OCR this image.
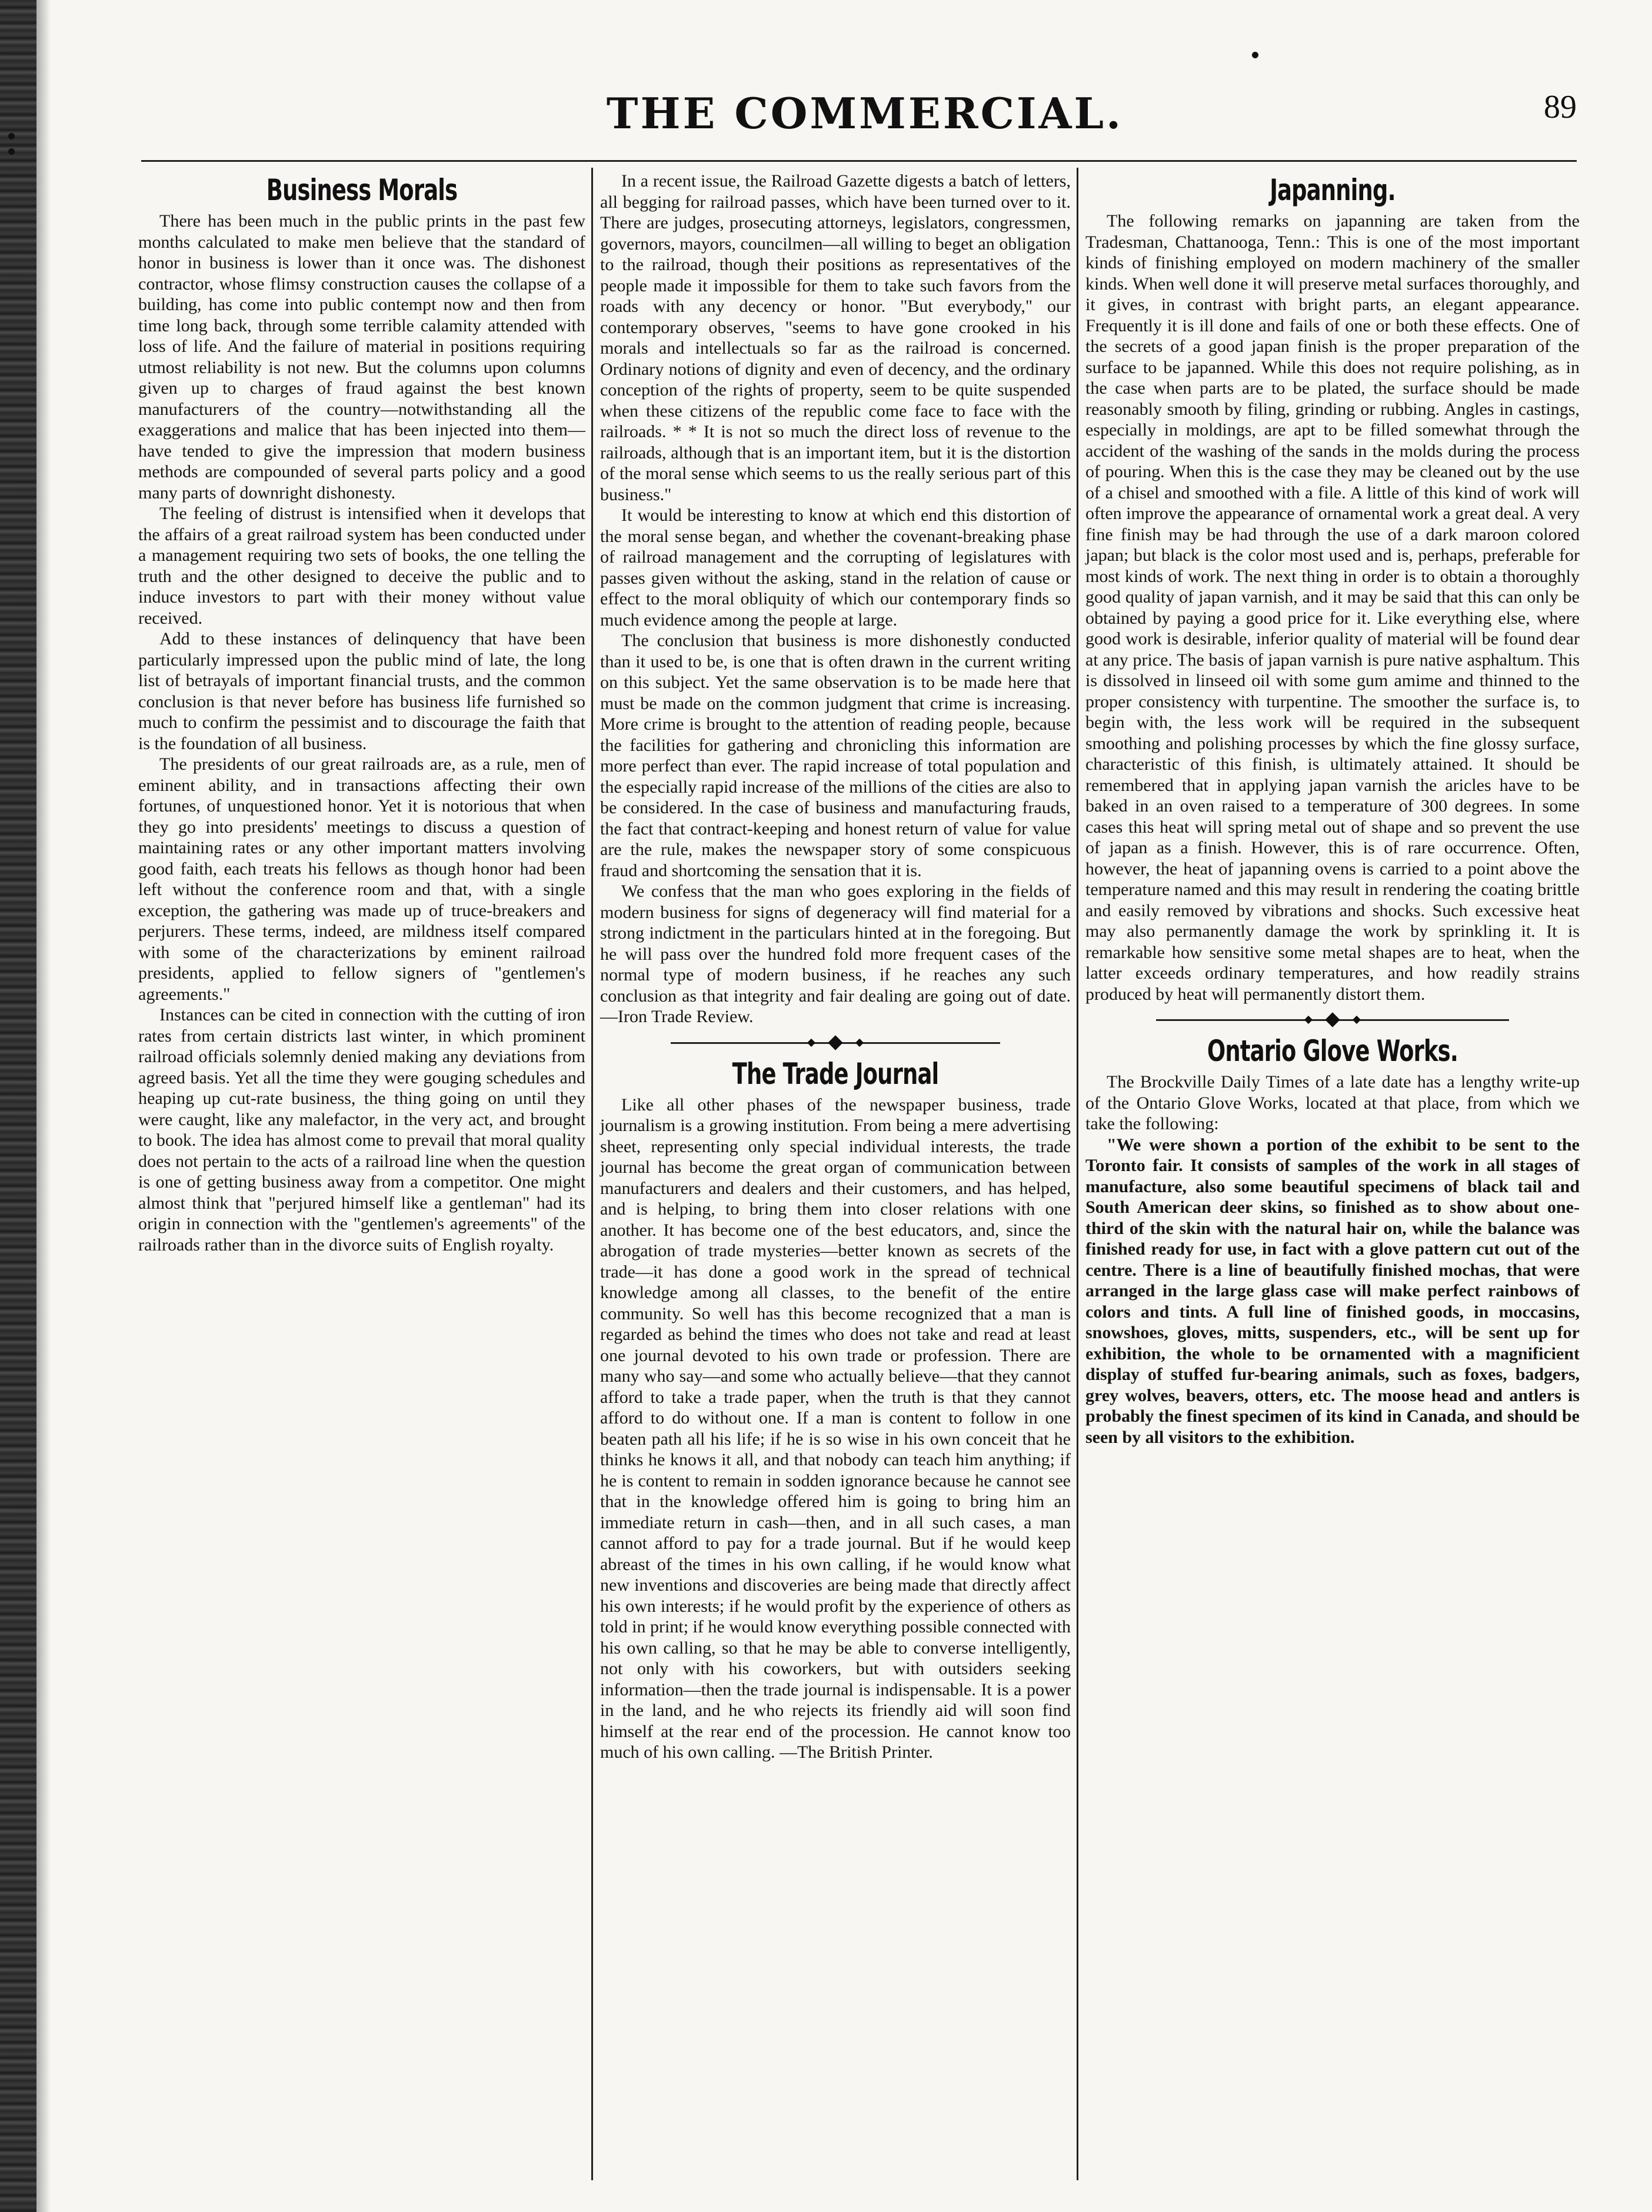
THE COMMERCIAL.	89
Business Morals

There has been much in the public prints in the past few months calculated to make men believe that the standard of honor in business is lower than it once was. The dishonest contractor, whose flimsy construction causes the collapse of a building, has come into public contempt now and then from time long back, through some terrible calamity attended with loss of life. And the failure of material in positions requiring utmost reliability is not new. But the columns upon columns given up to charges of fraud against the best known manufacturers of the country—notwithstanding all the exaggerations and malice that has been injected into them—have tended to give the impression that modern business methods are compounded of several parts policy and a good many parts of downright dishonesty.

The feeling of distrust is intensified when it develops that the affairs of a great railroad system has been conducted under a management requiring two sets of books, the one telling the truth and the other designed to deceive the public and to induce investors to part with their money without value received.

Add to these instances of delinquency that have been particularly impressed upon the public mind of late, the long list of betrayals of important financial trusts, and the common conclusion is that never before has business life furnished so much to confirm the pessimist and to discourage the faith that is the foundation of all business.

The presidents of our great railroads are, as a rule, men of eminent ability, and in transactions affecting their own fortunes, of unquestioned honor. Yet it is notorious that when they go into presidents' meetings to discuss a question of maintaining rates or any other important matters involving good faith, each treats his fellows as though honor had been left without the conference room and that, with a single exception, the gathering was made up of truce-breakers and perjurers. These terms, indeed, are mildness itself compared with some of the characterizations by eminent railroad presidents, applied to fellow signers of "gentlemen's agreements."

Instances can be cited in connection with the cutting of iron rates from certain districts last winter, in which prominent railroad officials solemnly denied making any deviations from agreed basis. Yet all the time they were gouging schedules and heaping up cut-rate business, the thing going on until they were caught, like any malefactor, in the very act, and brought to book. The idea has almost come to prevail that moral quality does not pertain to the acts of a railroad line when the question is one of getting business away from a competitor. One might almost think that "perjured himself like a gentleman" had its origin in connection with the "gentlemen's agreements" of the railroads rather than in the divorce suits of English royalty.

In a recent issue, the Railroad Gazette digests a batch of letters, all begging for railroad passes, which have been turned over to it. There are judges, prosecuting attorneys, legislators, congressmen, governors, mayors, councilmen—all willing to beget an obligation to the railroad, though their positions as representatives of the people made it impossible for them to take such favors from the roads with any decency or honor. "But everybody," our contemporary observes, "seems to have gone crooked in his morals and intellectuals so far as the railroad is concerned. Ordinary notions of dignity and even of decency, and the ordinary conception of the rights of property, seem to be quite suspended when these citizens of the republic come face to face with the railroads. * * It is not so much the direct loss of revenue to the railroads, although that is an important item, but it is the distortion of the moral sense which seems to us the really serious part of this business."

It would be interesting to know at which end this distortion of the moral sense began, and whether the covenant-breaking phase of railroad management and the corrupting of legislatures with passes given without the asking, stand in the relation of cause or effect to the moral obliquity of which our contemporary finds so much evidence among the people at large.

The conclusion that business is more dishonestly conducted than it used to be, is one that is often drawn in the current writing on this subject. Yet the same observation is to be made here that must be made on the common judgment that crime is increasing. More crime is brought to the attention of reading people, because the facilities for gathering and chronicling this information are more perfect than ever. The rapid increase of total population and the especially rapid increase of the millions of the cities are also to be considered. In the case of business and manufacturing frauds, the fact that contract-keeping and honest return of value for value are the rule, makes the newspaper story of some conspicuous fraud and shortcoming the sensation that it is.

We confess that the man who goes exploring in the fields of modern business for signs of degeneracy will find material for a strong indictment in the particulars hinted at in the foregoing. But he will pass over the hundred fold more frequent cases of the normal type of modern business, if he reaches any such conclusion as that integrity and fair dealing are going out of date.—Iron Trade Review.

The Trade Journal

Like all other phases of the newspaper business, trade journalism is a growing institution. From being a mere advertising sheet, representing only special individual interests, the trade journal has become the great organ of communication between manufacturers and dealers and their customers, and has helped, and is helping, to bring them into closer relations with one another. It has become one of the best educators, and, since the abrogation of trade mysteries—better known as secrets of the trade—it has done a good work in the spread of technical knowledge among all classes, to the benefit of the entire community. So well has this become recognized that a man is regarded as behind the times who does not take and read at least one journal devoted to his own trade or profession. There are many who say—and some who actually believe—that they cannot afford to take a trade paper, when the truth is that they cannot afford to do without one. If a man is content to follow in one beaten path all his life; if he is so wise in his own conceit that he thinks he knows it all, and that nobody can teach him anything; if he is content to remain in sodden ignorance because he cannot see that in the knowledge offered him is going to bring him an immediate return in cash—then, and in all such cases, a man cannot afford to pay for a trade journal. But if he would keep abreast of the times in his own calling, if he would know what new inventions and discoveries are being made that directly affect his own interests; if he would profit by the experience of others as told in print; if he would know everything possible connected with his own calling, so that he may be able to converse intelligently, not only with his coworkers, but with outsiders seeking information—then the trade journal is indispensable. It is a power in the land, and he who rejects its friendly aid will soon find himself at the rear end of the procession. He cannot know too much of his own calling. —The British Printer.

Japanning.

The following remarks on japanning are taken from the Tradesman, Chattanooga, Tenn.: This is one of the most important kinds of finishing employed on modern machinery of the smaller kinds. When well done it will preserve metal surfaces thoroughly, and it gives, in contrast with bright parts, an elegant appearance. Frequently it is ill done and fails of one or both these effects. One of the secrets of a good japan finish is the proper preparation of the surface to be japanned. While this does not require polishing, as in the case when parts are to be plated, the surface should be made reasonably smooth by filing, grinding or rubbing. Angles in castings, especially in moldings, are apt to be filled somewhat through the accident of the washing of the sands in the molds during the process of pouring. When this is the case they may be cleaned out by the use of a chisel and smoothed with a file. A little of this kind of work will often improve the appearance of ornamental work a great deal. A very fine finish may be had through the use of a dark maroon colored japan; but black is the color most used and is, perhaps, preferable for most kinds of work. The next thing in order is to obtain a thoroughly good quality of japan varnish, and it may be said that this can only be obtained by paying a good price for it. Like everything else, where good work is desirable, inferior quality of material will be found dear at any price. The basis of japan varnish is pure native asphaltum. This is dissolved in linseed oil with some gum amime and thinned to the proper consistency with turpentine. The smoother the surface is, to begin with, the less work will be required in the subsequent smoothing and polishing processes by which the fine glossy surface, characteristic of this finish, is ultimately attained. It should be remembered that in applying japan varnish the aricles have to be baked in an oven raised to a temperature of 300 degrees. In some cases this heat will spring metal out of shape and so prevent the use of japan as a finish. However, this is of rare occurrence. Often, however, the heat of japanning ovens is carried to a point above the temperature named and this may result in rendering the coating brittle and easily removed by vibrations and shocks. Such excessive heat may also permanently damage the work by sprinkling it. It is remarkable how sensitive some metal shapes are to heat, when the latter exceeds ordinary temperatures, and how readily strains produced by heat will permanently distort them.

Ontario Glove Works.

The Brockville Daily Times of a late date has a lengthy write-up of the Ontario Glove Works, located at that place, from which we take the following:

"We were shown a portion of the exhibit to be sent to the Toronto fair. It consists of samples of the work in all stages of manufacture, also some beautiful specimens of black tail and South American deer skins, so finished as to show about one-third of the skin with the natural hair on, while the balance was finished ready for use, in fact with a glove pattern cut out of the centre. There is a line of beautifully finished mochas, that were arranged in the large glass case will make perfect rainbows of colors and tints. A full line of finished goods, in moccasins, snowshoes, gloves, mitts, suspenders, etc., will be sent up for exhibition, the whole to be ornamented with a magnificient display of stuffed fur-bearing animals, such as foxes, badgers, grey wolves, beavers, otters, etc. The moose head and antlers is probably the finest specimen of its kind in Canada, and should be seen by all visitors to the exhibition.
